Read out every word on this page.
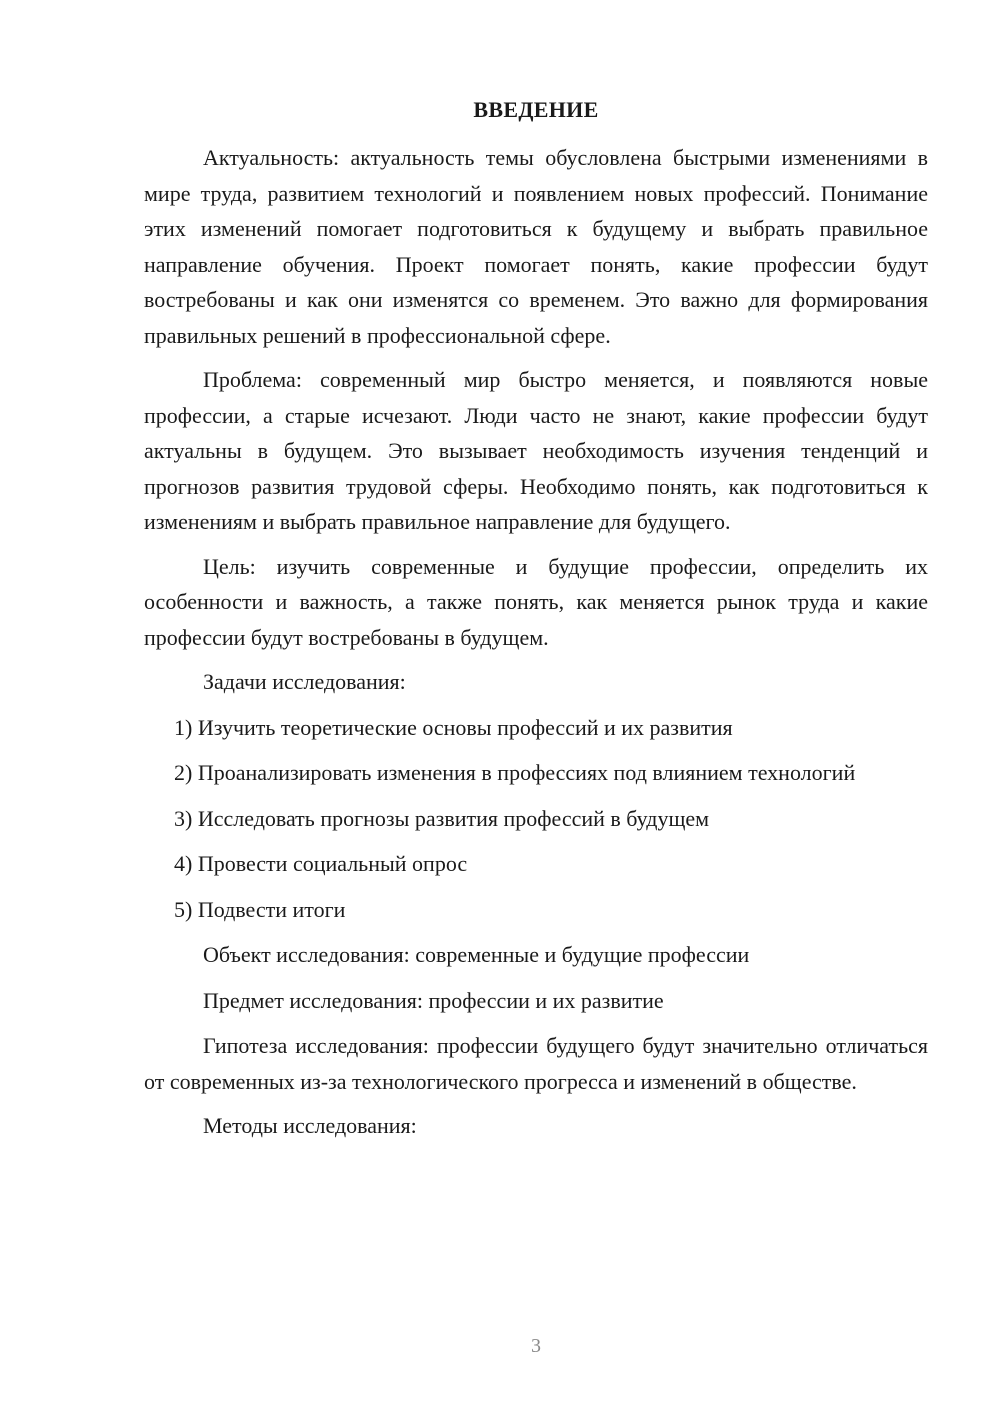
ВВЕДЕНИЕ
Актуальность: актуальность темы обусловлена быстрыми изменениями в мире труда, развитием технологий и появлением новых профессий. Понимание этих изменений помогает подготовиться к будущему и выбрать правильное направление обучения. Проект помогает понять, какие профессии будут востребованы и как они изменятся со временем. Это важно для формирования правильных решений в профессиональной сфере.
Проблема: современный мир быстро меняется, и появляются новые профессии, а старые исчезают. Люди часто не знают, какие профессии будут актуальны в будущем. Это вызывает необходимость изучения тенденций и прогнозов развития трудовой сферы. Необходимо понять, как подготовиться к изменениям и выбрать правильное направление для будущего.
Цель: изучить современные и будущие профессии, определить их особенности и важность, а также понять, как меняется рынок труда и какие профессии будут востребованы в будущем.
Задачи исследования:
1) Изучить теоретические основы профессий и их развития
2) Проанализировать изменения в профессиях под влиянием технологий
3) Исследовать прогнозы развития профессий в будущем
4) Провести социальный опрос
5) Подвести итоги
Объект исследования: современные и будущие профессии
Предмет исследования: профессии и их развитие
Гипотеза исследования: профессии будущего будут значительно отличаться от современных из-за технологического прогресса и изменений в обществе.
Методы исследования:
3
